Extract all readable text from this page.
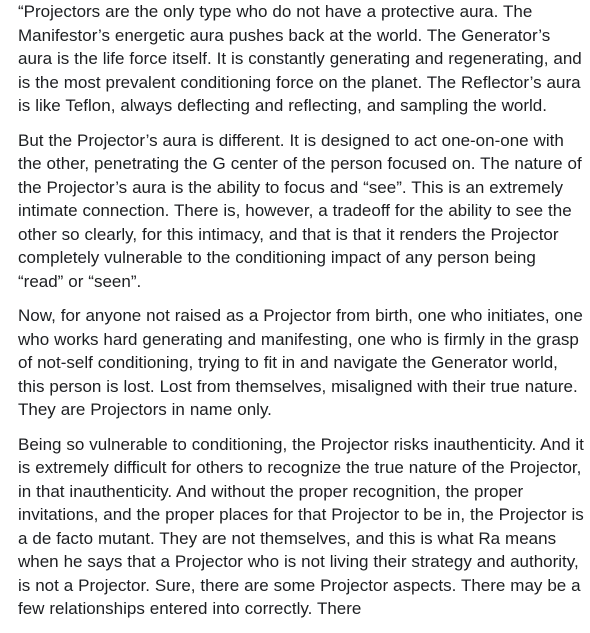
“Projectors are the only type who do not have a protective aura. The Manifestor’s energetic aura pushes back at the world. The Generator’s aura is the life force itself. It is constantly generating and regenerating, and is the most prevalent conditioning force on the planet. The Reflector’s aura is like Teflon, always deflecting and reflecting, and sampling the world.

But the Projector’s aura is different. It is designed to act one-on-one with the other, penetrating the G center of the person focused on. The nature of the Projector’s aura is the ability to focus and “see”. This is an extremely intimate connection. There is, however, a tradeoff for the ability to see the other so clearly, for this intimacy, and that is that it renders the Projector completely vulnerable to the conditioning impact of any person being “read” or “seen”.

Now, for anyone not raised as a Projector from birth, one who initiates, one who works hard generating and manifesting, one who is firmly in the grasp of not-self conditioning, trying to fit in and navigate the Generator world, this person is lost. Lost from themselves, misaligned with their true nature. They are Projectors in name only.

Being so vulnerable to conditioning, the Projector risks inauthenticity. And it is extremely difficult for others to recognize the true nature of the Projector, in that inauthenticity. And without the proper recognition, the proper invitations, and the proper places for that Projector to be in, the Projector is a de facto mutant. They are not themselves, and this is what Ra means when he says that a Projector who is not living their strategy and authority, is not a Projector. Sure, there are some Projector aspects. There may be a few relationships entered into correctly. There
